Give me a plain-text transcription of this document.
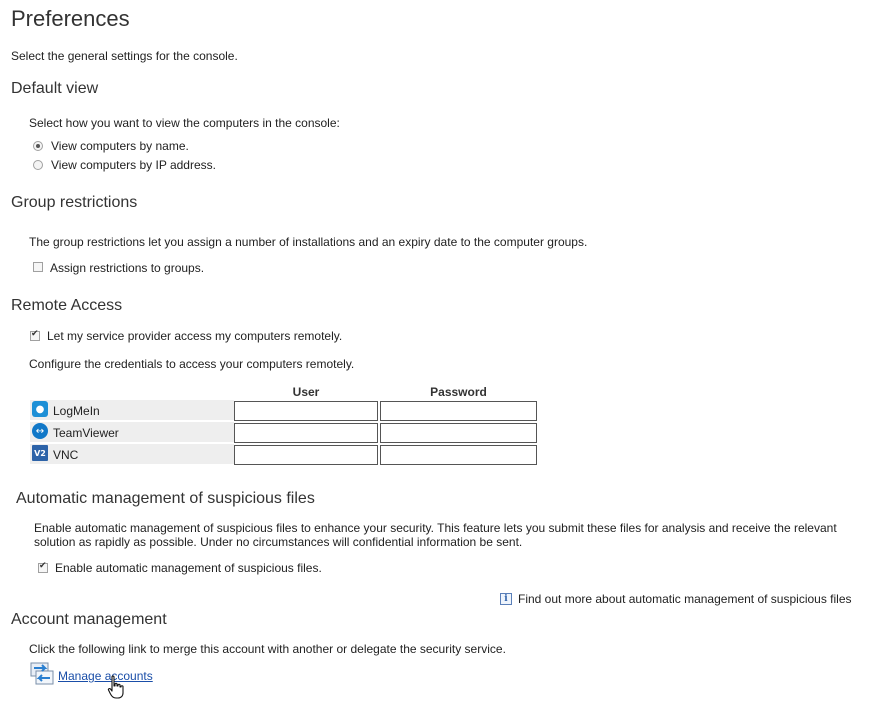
Preferences
Select the general settings for the console.
Default view
Select how you want to view the computers in the console:
View computers by name.
View computers by IP address.
Group restrictions
The group restrictions let you assign a number of installations and an expiry date to the computer groups.
Assign restrictions to groups.
Remote Access
✔
Let my service provider access my computers remotely.
Configure the credentials to access your computers remotely.
User	Password
● LogMeIn
↔ TeamViewer
V2 VNC
Automatic management of suspicious files
Enable automatic management of suspicious files to enhance your security. This feature lets you submit these files for analysis and receive the relevant
solution as rapidly as possible. Under no circumstances will confidential information be sent.
✔
Enable automatic management of suspicious files.
i Find out more about automatic management of suspicious files
Account management
Click the following link to merge this account with another or delegate the security service.
Manage accounts
